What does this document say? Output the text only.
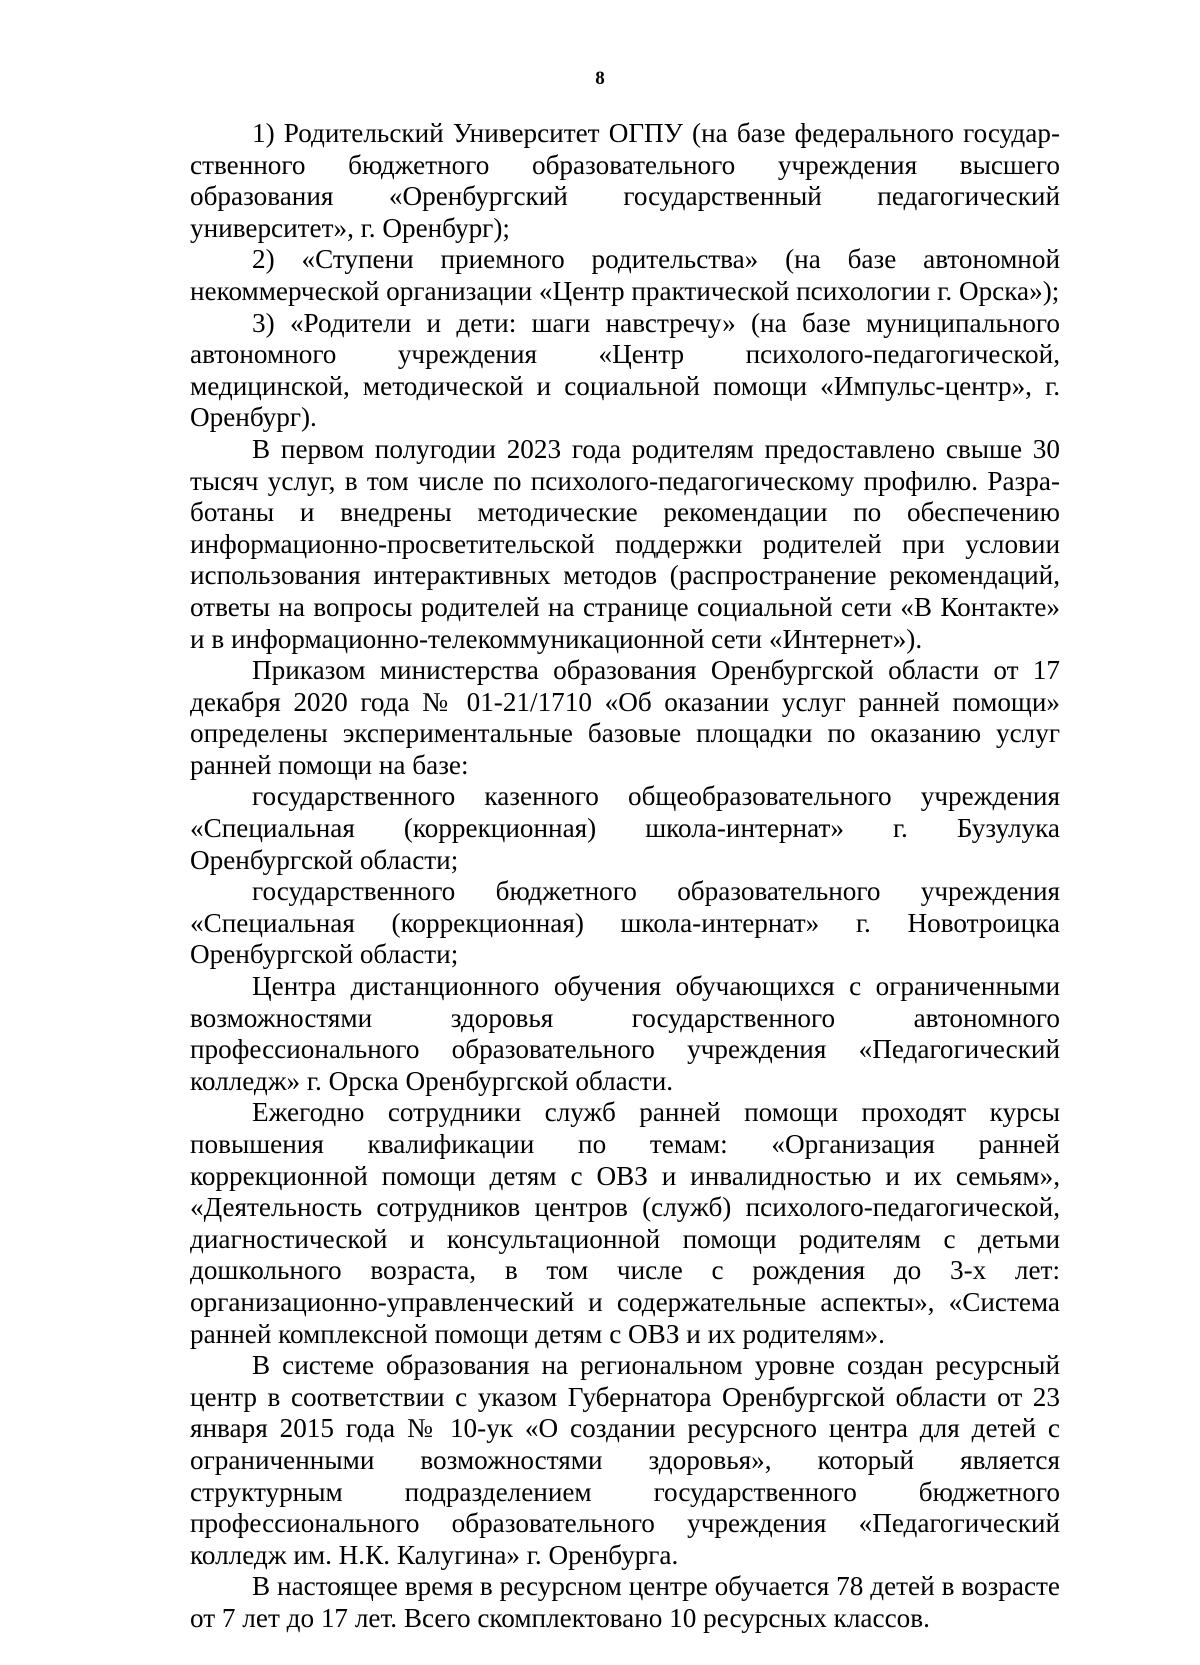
8

1) Родительский Университет ОГПУ (на базе федерального государственного бюджетного образовательного учреждения высшего образования «Оренбургский государственный педагогический университет», г. Оренбург);

2) «Ступени приемного родительства» (на базе автономной некоммерческой организации «Центр практической психологии г. Орска»);

3) «Родители и дети: шаги навстречу» (на базе муниципального автономного учреждения «Центр психолого-педагогической, медицинской, методической и социальной помощи «Импульс-центр», г. Оренбург).

В первом полугодии 2023 года родителям предоставлено свыше 30 тысяч услуг, в том числе по психолого-педагогическому профилю. Разработаны и внедрены методические рекомендации по обеспечению информационно-просветительской поддержки родителей при условии использования интерактивных методов (распространение рекомендаций, ответы на вопросы родителей на странице социальной сети «В Контакте» и в информационно-телекоммуникационной сети «Интернет»).

Приказом министерства образования Оренбургской области от 17 декабря 2020 года № 01-21/1710 «Об оказании услуг ранней помощи» определены экспериментальные базовые площадки по оказанию услуг ранней помощи на базе:

государственного казенного общеобразовательного учреждения «Специальная (коррекционная) школа-интернат» г. Бузулука Оренбургской области;

государственного бюджетного образовательного учреждения «Специальная (коррекционная) школа-интернат» г. Новотроицка Оренбургской области;

Центра дистанционного обучения обучающихся с ограниченными возможностями здоровья государственного автономного профессионального образовательного учреждения «Педагогический колледж» г. Орска Оренбургской области.

Ежегодно сотрудники служб ранней помощи проходят курсы повышения квалификации по темам: «Организация ранней коррекционной помощи детям с ОВЗ и инвалидностью и их семьям», «Деятельность сотрудников центров (служб) психолого-педагогической, диагностической и консультационной помощи родителям с детьми дошкольного возраста, в том числе с рождения до 3-х лет: организационно-управленческий и содержательные аспекты», «Система ранней комплексной помощи детям с ОВЗ и их родителям».

В системе образования на региональном уровне создан ресурсный центр в соответствии с указом Губернатора Оренбургской области от 23 января 2015 года № 10-ук «О создании ресурсного центра для детей с ограниченными возможностями здоровья», который является структурным подразделением государственного бюджетного профессионального образовательного учреждения «Педагогический колледж им. Н.К. Калугина» г. Оренбурга.

В настоящее время в ресурсном центре обучается 78 детей в возрасте от 7 лет до 17 лет. Всего скомплектовано 10 ресурсных классов.
